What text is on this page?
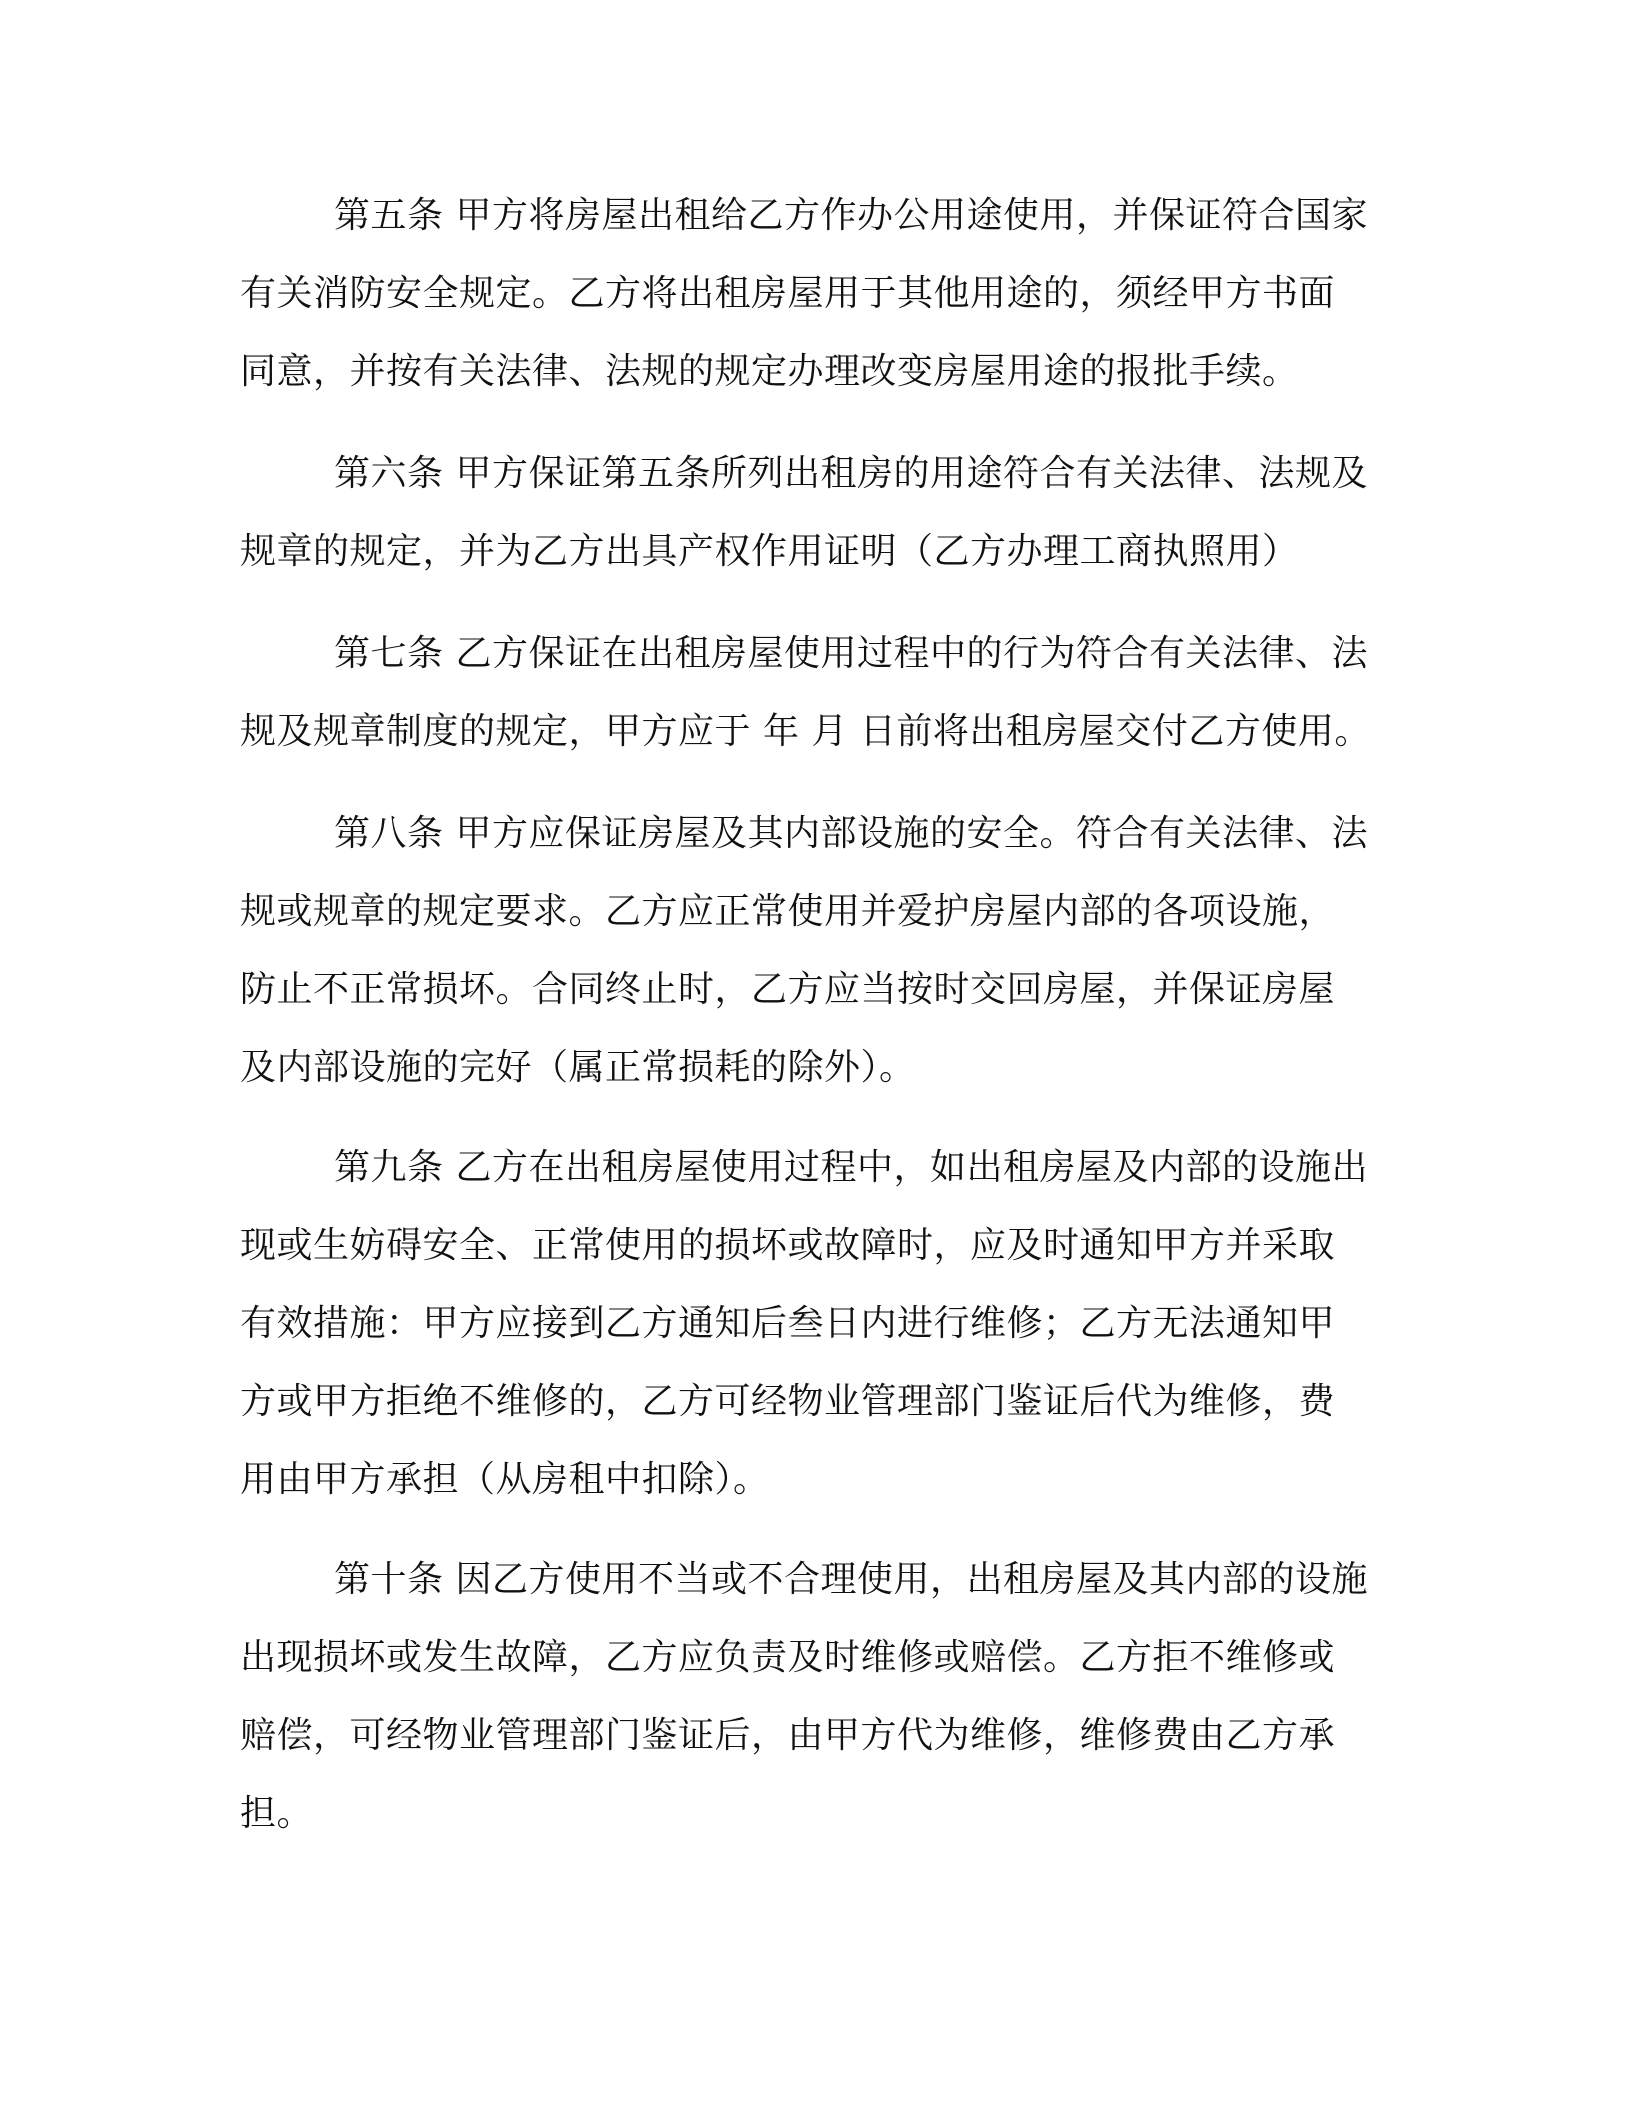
第五条 甲方将房屋出租给乙方作办公用途使用，并保证符合国家
有关消防安全规定。乙方将出租房屋用于其他用途的，须经甲方书面
同意，并按有关法律、法规的规定办理改变房屋用途的报批手续。
第六条 甲方保证第五条所列出租房的用途符合有关法律、法规及
规章的规定，并为乙方出具产权作用证明（乙方办理工商执照用）
第七条 乙方保证在出租房屋使用过程中的行为符合有关法律、法
规及规章制度的规定，甲方应于 年 月 日前将出租房屋交付乙方使用。
第八条 甲方应保证房屋及其内部设施的安全。符合有关法律、法
规或规章的规定要求。乙方应正常使用并爱护房屋内部的各项设施，
防止不正常损坏。合同终止时，乙方应当按时交回房屋，并保证房屋
及内部设施的完好（属正常损耗的除外）。
第九条 乙方在出租房屋使用过程中，如出租房屋及内部的设施出
现或生妨碍安全、正常使用的损坏或故障时，应及时通知甲方并采取
有效措施：甲方应接到乙方通知后叁日内进行维修；乙方无法通知甲
方或甲方拒绝不维修的，乙方可经物业管理部门鉴证后代为维修，费
用由甲方承担（从房租中扣除）。
第十条 因乙方使用不当或不合理使用，出租房屋及其内部的设施
出现损坏或发生故障，乙方应负责及时维修或赔偿。乙方拒不维修或
赔偿，可经物业管理部门鉴证后，由甲方代为维修，维修费由乙方承
担。
